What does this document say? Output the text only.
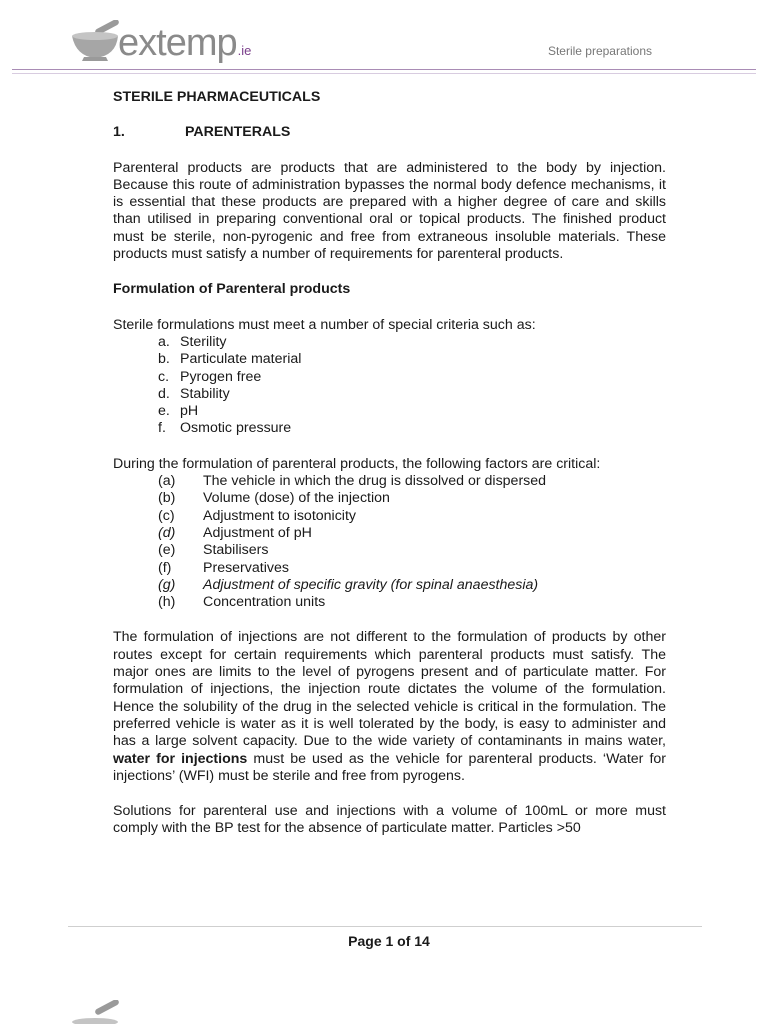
extemp.ie	Sterile preparations
STERILE PHARMACEUTICALS
1.	PARENTERALS

Parenteral products are products that are administered to the body by injection. Because this route of administration bypasses the normal body defence mechanisms, it is essential that these products are prepared with a higher degree of care and skills than utilised in preparing conventional oral or topical products. The finished product must be sterile, non-pyrogenic and free from extraneous insoluble materials. These products must satisfy a number of requirements for parenteral products.

Formulation of Parenteral products

Sterile formulations must meet a number of special criteria such as:

a. Sterility
b. Particulate material
c. Pyrogen free
d. Stability
e. pH
f. Osmotic pressure

During the formulation of parenteral products, the following factors are critical:

(a)	The vehicle in which the drug is dissolved or dispersed
(b)	Volume (dose) of the injection
(c)	Adjustment to isotonicity
(d)	Adjustment of pH
(e)	Stabilisers
(f)	Preservatives
(g)	Adjustment of specific gravity (for spinal anaesthesia)
(h)	Concentration units

The formulation of injections are not different to the formulation of products by other routes except for certain requirements which parenteral products must satisfy. The major ones are limits to the level of pyrogens present and of particulate matter. For formulation of injections, the injection route dictates the volume of the formulation. Hence the solubility of the drug in the selected vehicle is critical in the formulation. The preferred vehicle is water as it is well tolerated by the body, is easy to administer and has a large solvent capacity. Due to the wide variety of contaminants in mains water, water for injections must be used as the vehicle for parenteral products. ‘Water for injections’ (WFI) must be sterile and free from pyrogens.

Solutions for parenteral use and injections with a volume of 100mL or more must comply with the BP test for the absence of particulate matter. Particles >50

Page 1 of 14
